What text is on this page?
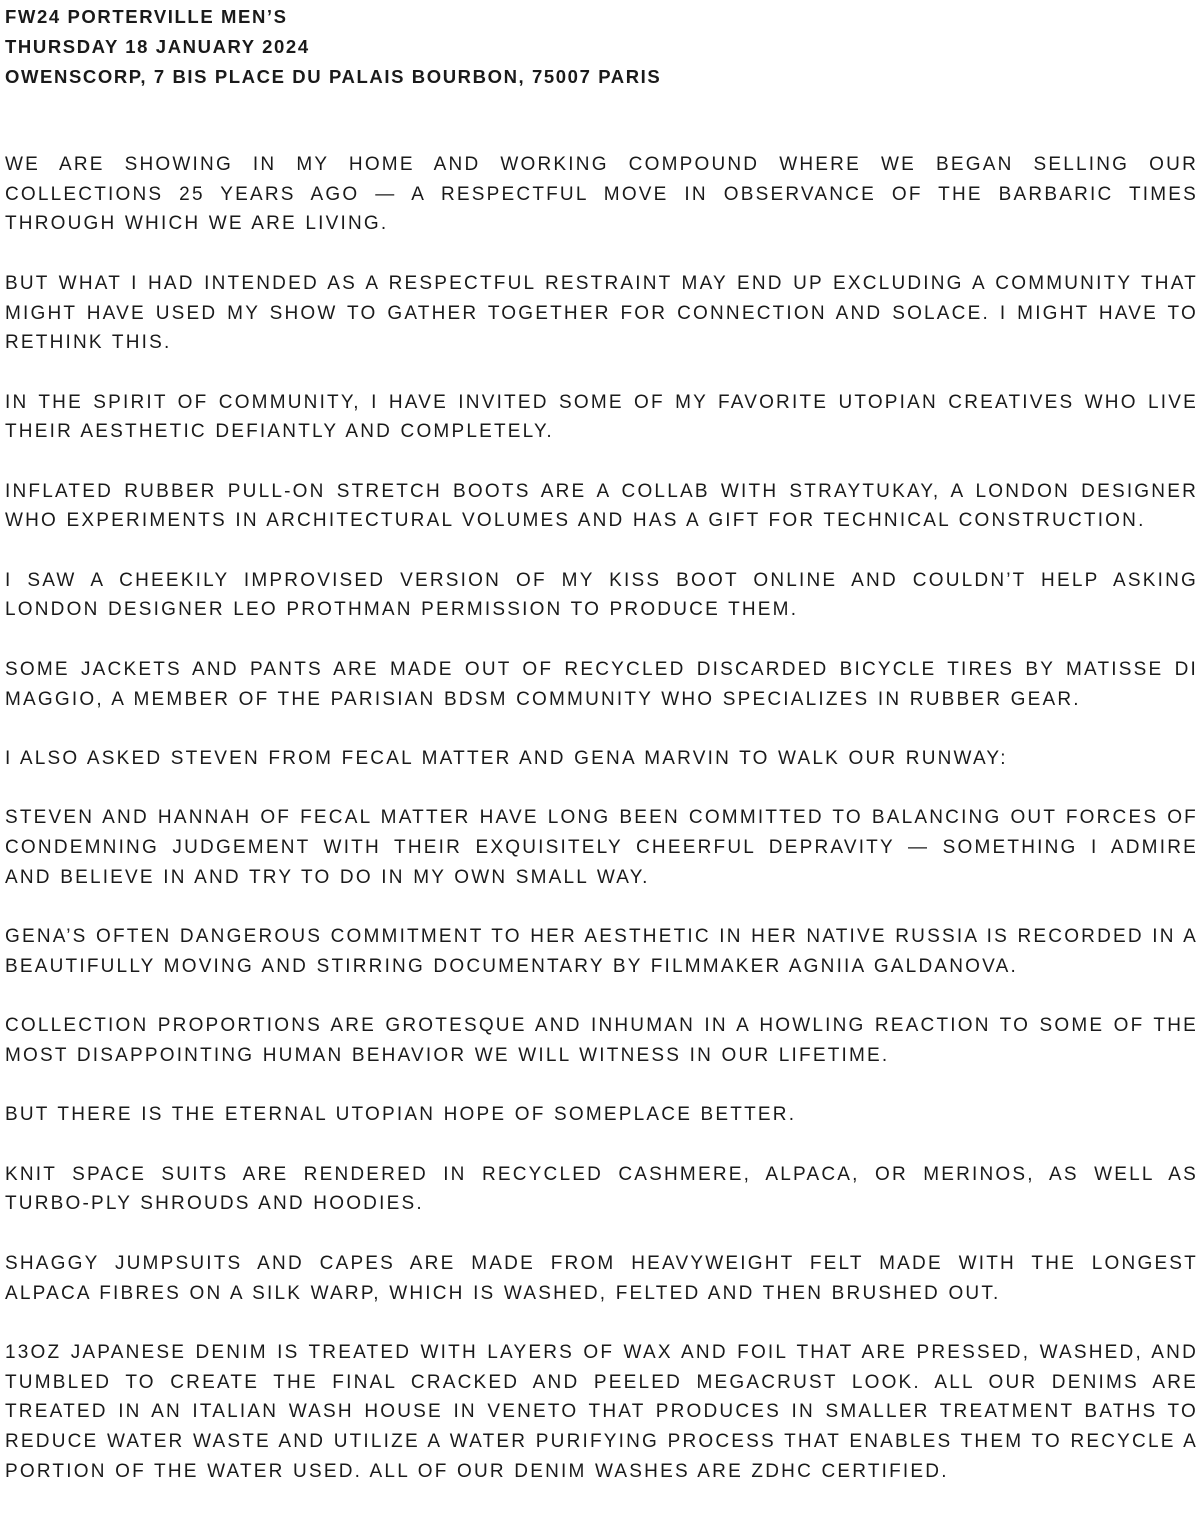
FW24 PORTERVILLE MEN’S
THURSDAY 18 JANUARY 2024
OWENSCORP, 7 BIS PLACE DU PALAIS BOURBON, 75007 PARIS

WE ARE SHOWING IN MY HOME AND WORKING COMPOUND WHERE WE BEGAN SELLING OUR COLLECTIONS 25 YEARS AGO — A RESPECTFUL MOVE IN OBSERVANCE OF THE BARBARIC TIMES THROUGH WHICH WE ARE LIVING.

BUT WHAT I HAD INTENDED AS A RESPECTFUL RESTRAINT MAY END UP EXCLUDING A COMMUNITY THAT MIGHT HAVE USED MY SHOW TO GATHER TOGETHER FOR CONNECTION AND SOLACE. I MIGHT HAVE TO RETHINK THIS.

IN THE SPIRIT OF COMMUNITY, I HAVE INVITED SOME OF MY FAVORITE UTOPIAN CREATIVES WHO LIVE THEIR AESTHETIC DEFIANTLY AND COMPLETELY.

INFLATED RUBBER PULL-ON STRETCH BOOTS ARE A COLLAB WITH STRAYTUKAY, A LONDON DESIGNER WHO EXPERIMENTS IN ARCHITECTURAL VOLUMES AND HAS A GIFT FOR TECHNICAL CONSTRUCTION.

I SAW A CHEEKILY IMPROVISED VERSION OF MY KISS BOOT ONLINE AND COULDN’T HELP ASKING LONDON DESIGNER LEO PROTHMAN PERMISSION TO PRODUCE THEM.

SOME JACKETS AND PANTS ARE MADE OUT OF RECYCLED DISCARDED BICYCLE TIRES BY MATISSE DI MAGGIO, A MEMBER OF THE PARISIAN BDSM COMMUNITY WHO SPECIALIZES IN RUBBER GEAR.

I ALSO ASKED STEVEN FROM FECAL MATTER AND GENA MARVIN TO WALK OUR RUNWAY:

STEVEN AND HANNAH OF FECAL MATTER HAVE LONG BEEN COMMITTED TO BALANCING OUT FORCES OF CONDEMNING JUDGEMENT WITH THEIR EXQUISITELY CHEERFUL DEPRAVITY — SOMETHING I ADMIRE AND BELIEVE IN AND TRY TO DO IN MY OWN SMALL WAY.

GENA’S OFTEN DANGEROUS COMMITMENT TO HER AESTHETIC IN HER NATIVE RUSSIA IS RECORDED IN A BEAUTIFULLY MOVING AND STIRRING DOCUMENTARY BY FILMMAKER AGNIIA GALDANOVA.

COLLECTION PROPORTIONS ARE GROTESQUE AND INHUMAN IN A HOWLING REACTION TO SOME OF THE MOST DISAPPOINTING HUMAN BEHAVIOR WE WILL WITNESS IN OUR LIFETIME.

BUT THERE IS THE ETERNAL UTOPIAN HOPE OF SOMEPLACE BETTER.

KNIT SPACE SUITS ARE RENDERED IN RECYCLED CASHMERE, ALPACA, OR MERINOS, AS WELL AS TURBO-PLY SHROUDS AND HOODIES.

SHAGGY JUMPSUITS AND CAPES ARE MADE FROM HEAVYWEIGHT FELT MADE WITH THE LONGEST ALPACA FIBRES ON A SILK WARP, WHICH IS WASHED, FELTED AND THEN BRUSHED OUT.

13OZ JAPANESE DENIM IS TREATED WITH LAYERS OF WAX AND FOIL THAT ARE PRESSED, WASHED, AND TUMBLED TO CREATE THE FINAL CRACKED AND PEELED MEGACRUST LOOK. ALL OUR DENIMS ARE TREATED IN AN ITALIAN WASH HOUSE IN VENETO THAT PRODUCES IN SMALLER TREATMENT BATHS TO REDUCE WATER WASTE AND UTILIZE A WATER PURIFYING PROCESS THAT ENABLES THEM TO RECYCLE A PORTION OF THE WATER USED. ALL OF OUR DENIM WASHES ARE ZDHC CERTIFIED.
